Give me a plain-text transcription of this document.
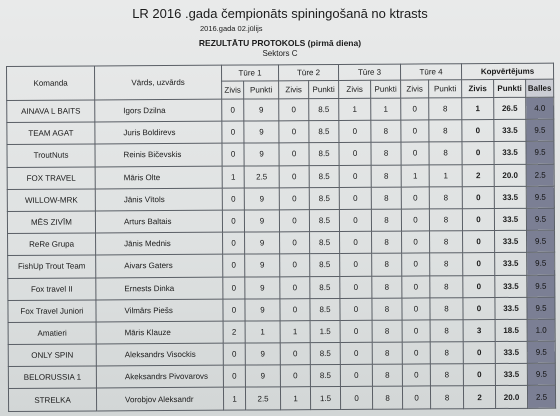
LR 2016 .gada čempionāts spiningošanā no ktrasts
2016.gada 02.jūlijs
REZULTĀTU PROTOKOLS (pirmā diena)
Sektors C
Komanda	Vārds, uzvārds	Tūre 1		Tūre 2		Tūre 3		Tūre 4		Kopvērtējums		
		Zivis	Punkti	Zivis	Punkti	Zivis	Punkti	Zivis	Punkti	Zivis	Punkti	Balles
AINAVA L BAITS	Igors Dzilna	0	9	0	8.5	1	1	0	8	1	26.5	4.0
TEAM AGAT	Juris Boldirevs	0	9	0	8.5	0	8	0	8	0	33.5	9.5
TroutNuts	Reinis Bičevskis	0	9	0	8.5	0	8	0	8	0	33.5	9.5
FOX TRAVEL	Māris Olte	1	2.5	0	8.5	0	8	1	1	2	20.0	2.5
WILLOW-MRK	Jānis Vītols	0	9	0	8.5	0	8	0	8	0	33.5	9.5
MĒS ZIVĪM	Arturs Baltais	0	9	0	8.5	0	8	0	8	0	33.5	9.5
ReRe Grupa	Jānis Mednis	0	9	0	8.5	0	8	0	8	0	33.5	9.5
FishUp Trout Team	Aivars Gaters	0	9	0	8.5	0	8	0	8	0	33.5	9.5
Fox travel II	Ernests Dinka	0	9	0	8.5	0	8	0	8	0	33.5	9.5
Fox Travel Juniori	Vilmārs Piešs	0	9	0	8.5	0	8	0	8	0	33.5	9.5
Amatieri	Māris Klauze	2	1	1	1.5	0	8	0	8	3	18.5	1.0
ONLY SPIN	Aleksandrs Visockis	0	9	0	8.5	0	8	0	8	0	33.5	9.5
BELORUSSIA 1	Akeksandrs Pivovarovs	0	9	0	8.5	0	8	0	8	0	33.5	9.5
STRELKA	Vorobjov Aleksandr	1	2.5	1	1.5	0	8	0	8	2	20.0	2.5
